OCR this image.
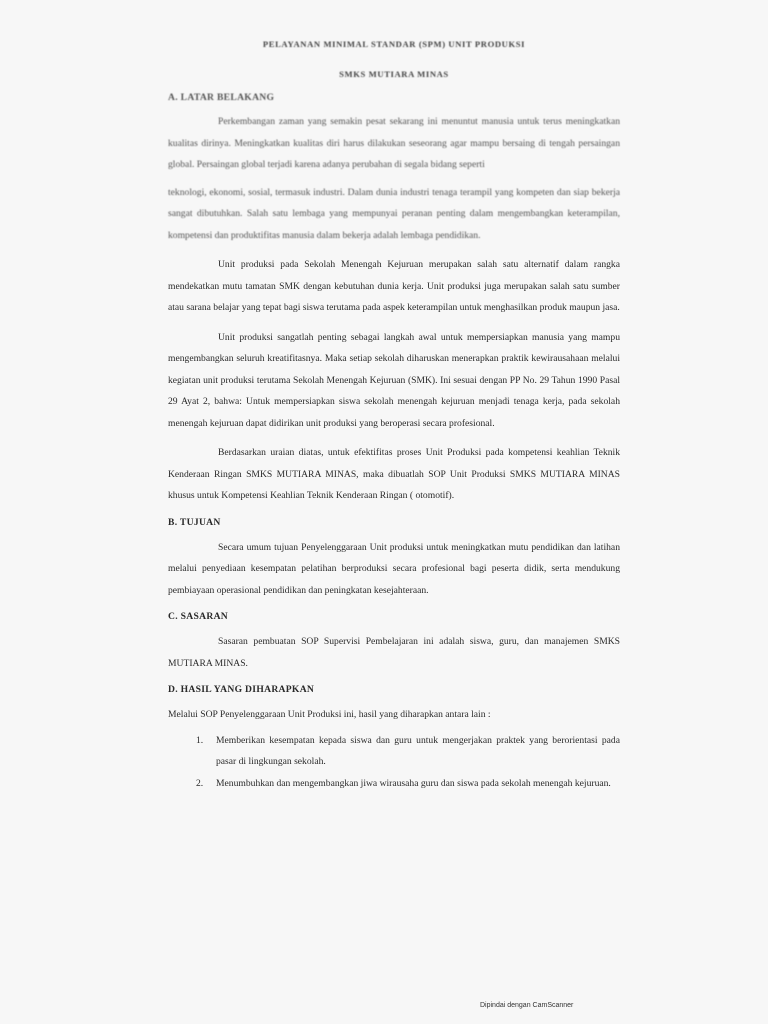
PELAYANAN MINIMAL STANDAR (SPM) UNIT PRODUKSI
SMKS MUTIARA MINAS
A. LATAR BELAKANG

Perkembangan zaman yang semakin pesat sekarang ini menuntut manusia untuk terus meningkatkan kualitas dirinya. Meningkatkan kualitas diri harus dilakukan seseorang agar mampu bersaing di tengah persaingan global. Persaingan global terjadi karena adanya perubahan di segala bidang seperti

teknologi, ekonomi, sosial, termasuk industri. Dalam dunia industri tenaga terampil yang kompeten dan siap bekerja sangat dibutuhkan. Salah satu lembaga yang mempunyai peranan penting dalam mengembangkan keterampilan, kompetensi dan produktifitas manusia dalam bekerja adalah lembaga pendidikan.

Unit produksi pada Sekolah Menengah Kejuruan merupakan salah satu alternatif dalam rangka mendekatkan mutu tamatan SMK dengan kebutuhan dunia kerja. Unit produksi juga merupakan salah satu sumber atau sarana belajar yang tepat bagi siswa terutama pada aspek keterampilan untuk menghasilkan produk maupun jasa.

Unit produksi sangatlah penting sebagai langkah awal untuk mempersiapkan manusia yang mampu mengembangkan seluruh kreatifitasnya. Maka setiap sekolah diharuskan menerapkan praktik kewirausahaan melalui kegiatan unit produksi terutama Sekolah Menengah Kejuruan (SMK). Ini sesuai dengan PP No. 29 Tahun 1990 Pasal 29 Ayat 2, bahwa: Untuk mempersiapkan siswa sekolah menengah kejuruan menjadi tenaga kerja, pada sekolah menengah kejuruan dapat didirikan unit produksi yang beroperasi secara profesional.

Berdasarkan uraian diatas, untuk efektifitas proses Unit Produksi pada kompetensi keahlian Teknik Kenderaan Ringan SMKS MUTIARA MINAS, maka dibuatlah SOP Unit Produksi SMKS MUTIARA MINAS khusus untuk Kompetensi Keahlian Teknik Kenderaan Ringan ( otomotif).

B. TUJUAN

Secara umum tujuan Penyelenggaraan Unit produksi untuk meningkatkan mutu pendidikan dan latihan melalui penyediaan kesempatan pelatihan berproduksi secara profesional bagi peserta didik, serta mendukung pembiayaan operasional pendidikan dan peningkatan kesejahteraan.

C. SASARAN

Sasaran pembuatan SOP Supervisi Pembelajaran ini adalah siswa, guru, dan manajemen SMKS MUTIARA MINAS.

D. HASIL YANG DIHARAPKAN

Melalui SOP Penyelenggaraan Unit Produksi ini, hasil yang diharapkan antara lain :

1. Memberikan kesempatan kepada siswa dan guru untuk mengerjakan praktek yang berorientasi pada pasar di lingkungan sekolah.
2. Menumbuhkan dan mengembangkan jiwa wirausaha guru dan siswa pada sekolah menengah kejuruan.
Dipindai dengan CamScanner
